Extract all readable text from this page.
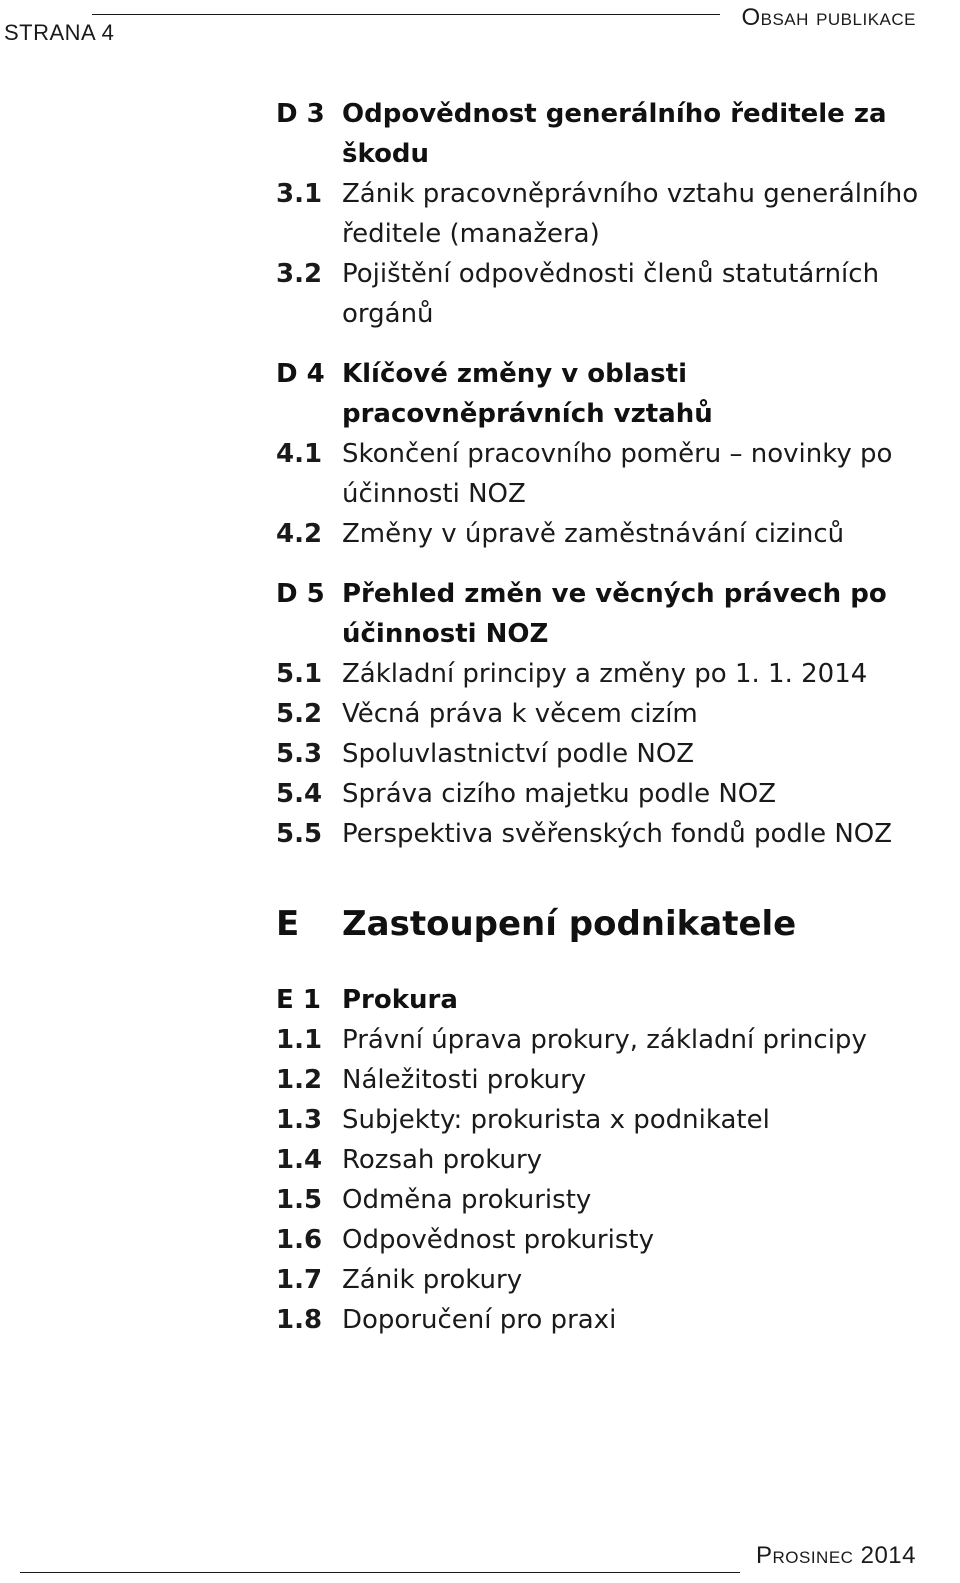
STRANA 4
Obsah publikace
D 3 Odpovědnost generálního ředitele za škodu
3.1 Zánik pracovněprávního vztahu generálního ředitele (manažera)
3.2 Pojištění odpovědnosti členů statutárních orgánů
D 4 Klíčové změny v oblasti pracovněprávních vztahů
4.1 Skončení pracovního poměru – novinky po účinnosti NOZ
4.2 Změny v úpravě zaměstnávání cizinců
D 5 Přehled změn ve věcných právech po účinnosti NOZ
5.1 Základní principy a změny po 1. 1. 2014
5.2 Věcná práva k věcem cizím
5.3 Spoluvlastnictví podle NOZ
5.4 Správa cizího majetku podle NOZ
5.5 Perspektiva svěřenských fondů podle NOZ
E Zastoupení podnikatele
E 1 Prokura
1.1 Právní úprava prokury, základní principy
1.2 Náležitosti prokury
1.3 Subjekty: prokurista x podnikatel
1.4 Rozsah prokury
1.5 Odměna prokuristy
1.6 Odpovědnost prokuristy
1.7 Zánik prokury
1.8 Doporučení pro praxi
Prosinec 2014
